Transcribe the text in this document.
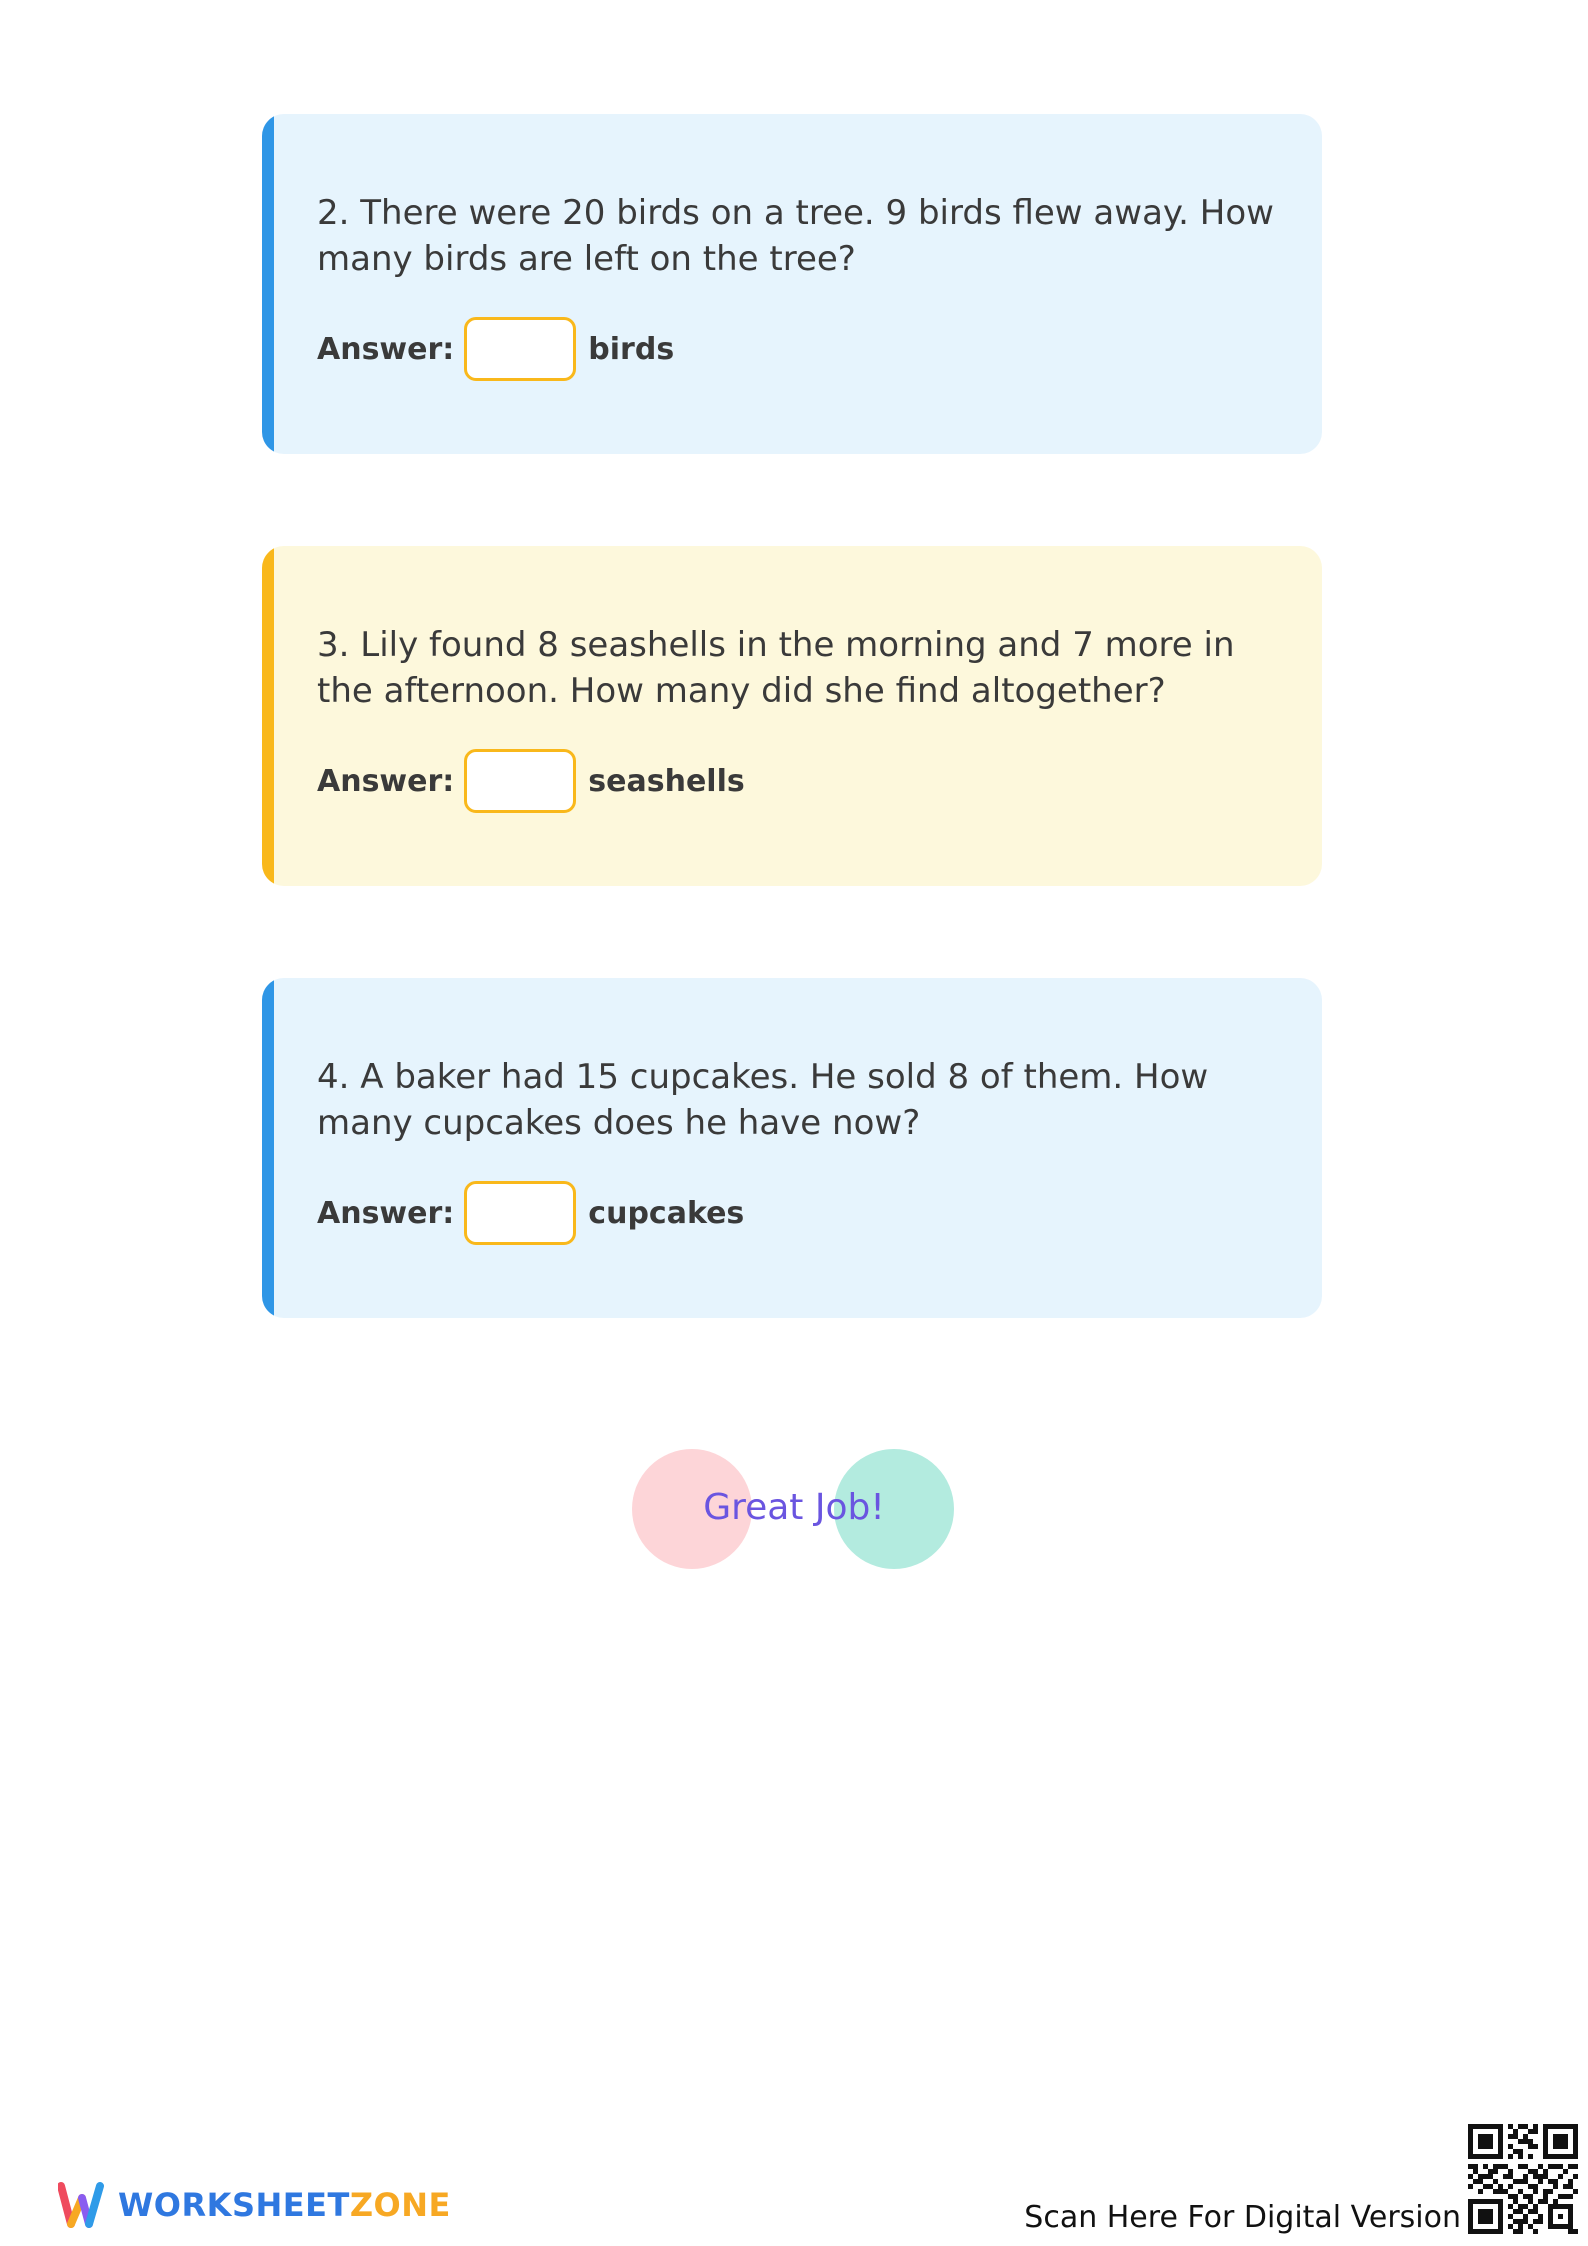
2. There were 20 birds on a tree. 9 birds flew away. How many birds are left on the tree?

Answer:	birds

3. Lily found 8 seashells in the morning and 7 more in the afternoon. How many did she find altogether?

Answer:	seashells

4. A baker had 15 cupcakes. He sold 8 of them. How many cupcakes does he have now?

Answer:	cupcakes
Great Job!
WORKSHEETZONE	Scan Here For Digital Version
